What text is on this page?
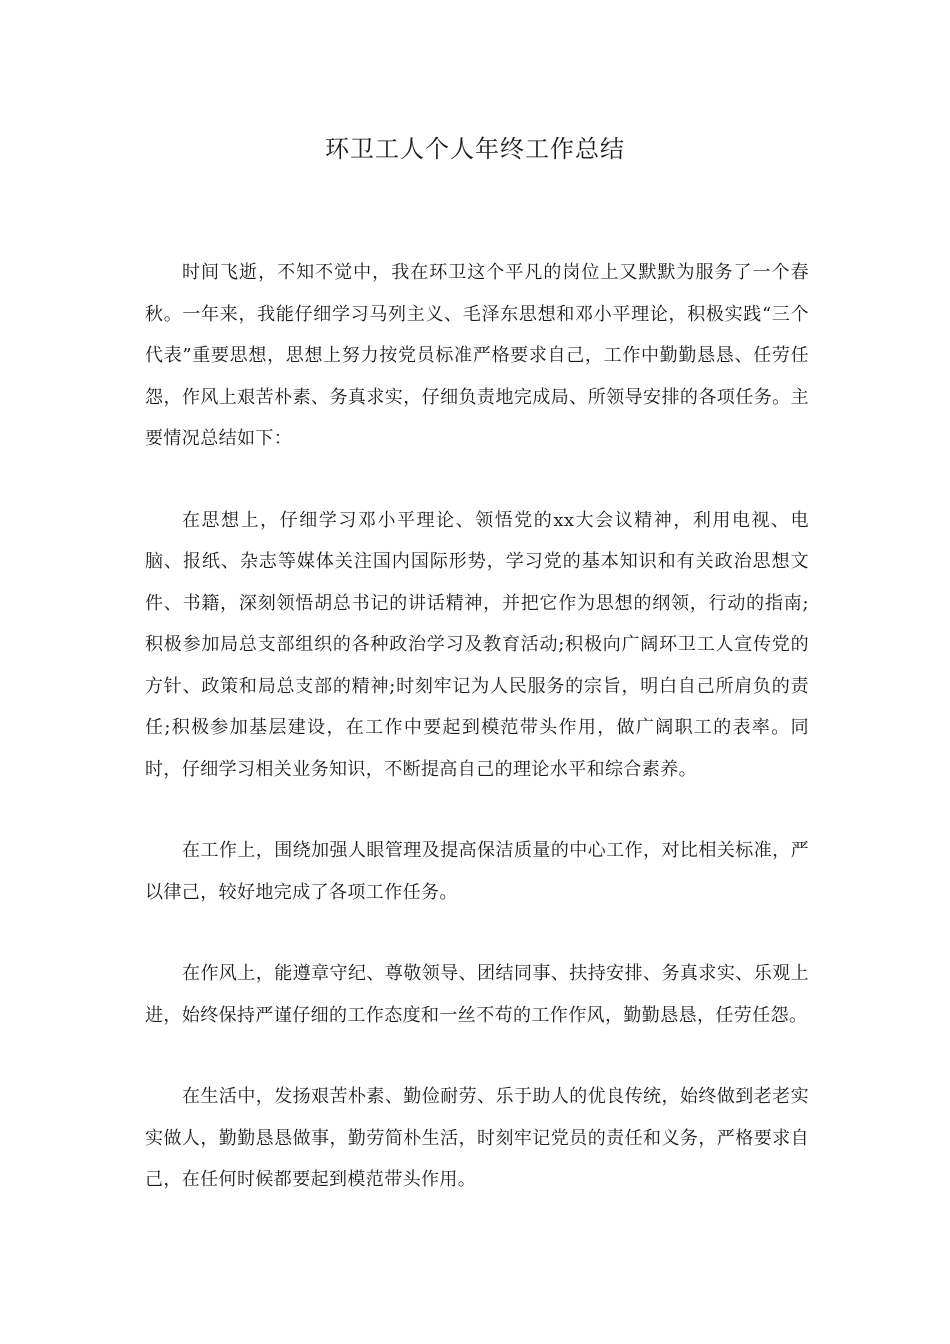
环卫工人个人年终工作总结

时间飞逝，不知不觉中，我在环卫这个平凡的岗位上又默默为服务了一个春秋。一年来，我能仔细学习马列主义、毛泽东思想和邓小平理论，积极实践“三个代表”重要思想，思想上努力按党员标准严格要求自己，工作中勤勤恳恳、任劳任怨，作风上艰苦朴素、务真求实，仔细负责地完成局、所领导安排的各项任务。主要情况总结如下：

在思想上，仔细学习邓小平理论、领悟党的xx大会议精神，利用电视、电脑、报纸、杂志等媒体关注国内国际形势，学习党的基本知识和有关政治思想文件、书籍，深刻领悟胡总书记的讲话精神，并把它作为思想的纲领，行动的指南;积极参加局总支部组织的各种政治学习及教育活动;积极向广阔环卫工人宣传党的方针、政策和局总支部的精神;时刻牢记为人民服务的宗旨，明白自己所肩负的责任;积极参加基层建设，在工作中要起到模范带头作用，做广阔职工的表率。同时，仔细学习相关业务知识，不断提高自己的理论水平和综合素养。

在工作上，围绕加强人眼管理及提高保洁质量的中心工作，对比相关标准，严以律己，较好地完成了各项工作任务。

在作风上，能遵章守纪、尊敬领导、团结同事、扶持安排、务真求实、乐观上进，始终保持严谨仔细的工作态度和一丝不苟的工作作风，勤勤恳恳，任劳任怨。

在生活中，发扬艰苦朴素、勤俭耐劳、乐于助人的优良传统，始终做到老老实实做人，勤勤恳恳做事，勤劳简朴生活，时刻牢记党员的责任和义务，严格要求自己，在任何时候都要起到模范带头作用。
